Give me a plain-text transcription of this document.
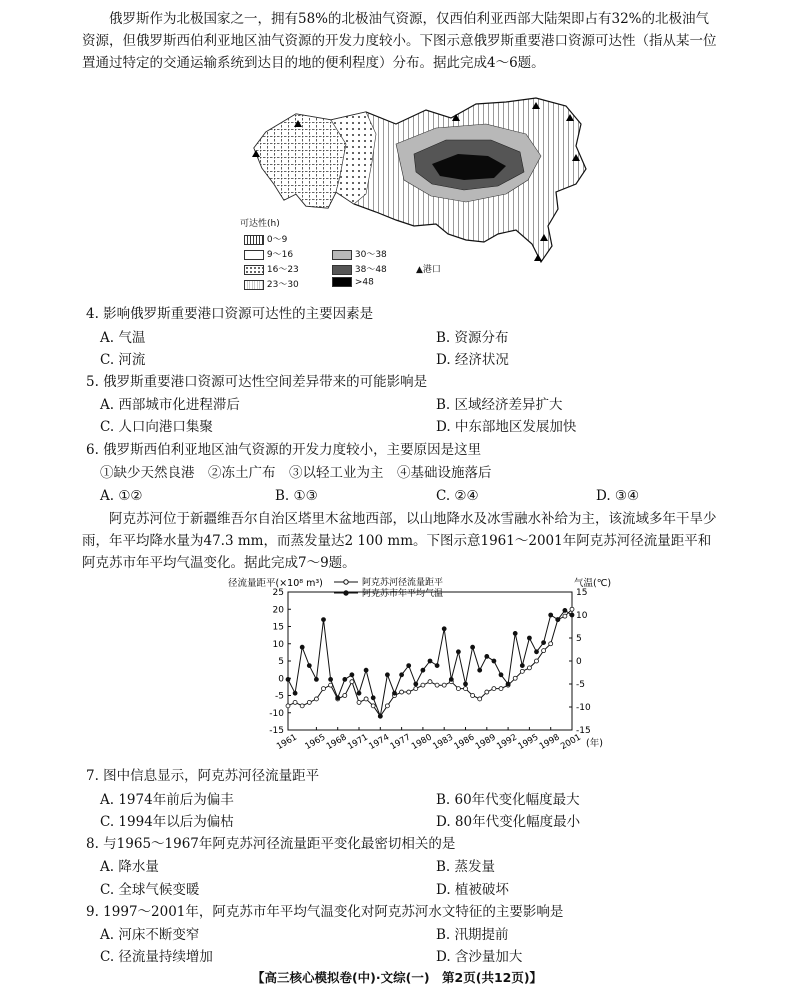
俄罗斯作为北极国家之一，拥有58%的北极油气资源，仅西伯利亚西部大陆架即占有32%的北极油气资源，但俄罗斯西伯利亚地区油气资源的开发力度较小。下图示意俄罗斯重要港口资源可达性（指从某一位置通过特定的交通运输系统到达目的地的便利程度）分布。据此完成4～6题。
可达性(h)
0～9
9～16
16～23
23～30
30～38
38～48
>48
▲港口
4. 影响俄罗斯重要港口资源可达性的主要因素是
A. 气温	B. 资源分布
C. 河流	D. 经济状况
5. 俄罗斯重要港口资源可达性空间差异带来的可能影响是
A. 西部城市化进程滞后	B. 区域经济差异扩大
C. 人口向港口集聚	D. 中东部地区发展加快
6. 俄罗斯西伯利亚地区油气资源的开发力度较小，主要原因是这里
①缺少天然良港　②冻土广布　③以轻工业为主　④基础设施落后
A. ①②	B. ①③	C. ②④	D. ③④
阿克苏河位于新疆维吾尔自治区塔里木盆地西部，以山地降水及冰雪融水补给为主，该流域多年干旱少雨，年平均降水量为47.3 mm，而蒸发量达2 100 mm。下图示意1961～2001年阿克苏河径流量距平和阿克苏市年平均气温变化。据此完成7～9题。
-15
-10
-5
0
5
10
15
20
25
-15
-10
-5
0
5
10
15
1961 1965
1968
1971
1974
1977
1980
1983
1986
1989
1992
1995
1998
2001
径流量距平(×10⁸ m³)	气温(℃)
(年)
阿克苏河径流量距平
阿克苏市年平均气温
7. 图中信息显示，阿克苏河径流量距平
A. 1974年前后为偏丰	B. 60年代变化幅度最大
C. 1994年以后为偏枯	D. 80年代变化幅度最小
8. 与1965～1967年阿克苏河径流量距平变化最密切相关的是
A. 降水量	B. 蒸发量
C. 全球气候变暖	D. 植被破坏
9. 1997～2001年，阿克苏市年平均气温变化对阿克苏河水文特征的主要影响是
A. 河床不断变窄	B. 汛期提前
C. 径流量持续增加	D. 含沙量加大
【高三核心模拟卷(中)·文综(一)　第2页(共12页)】
